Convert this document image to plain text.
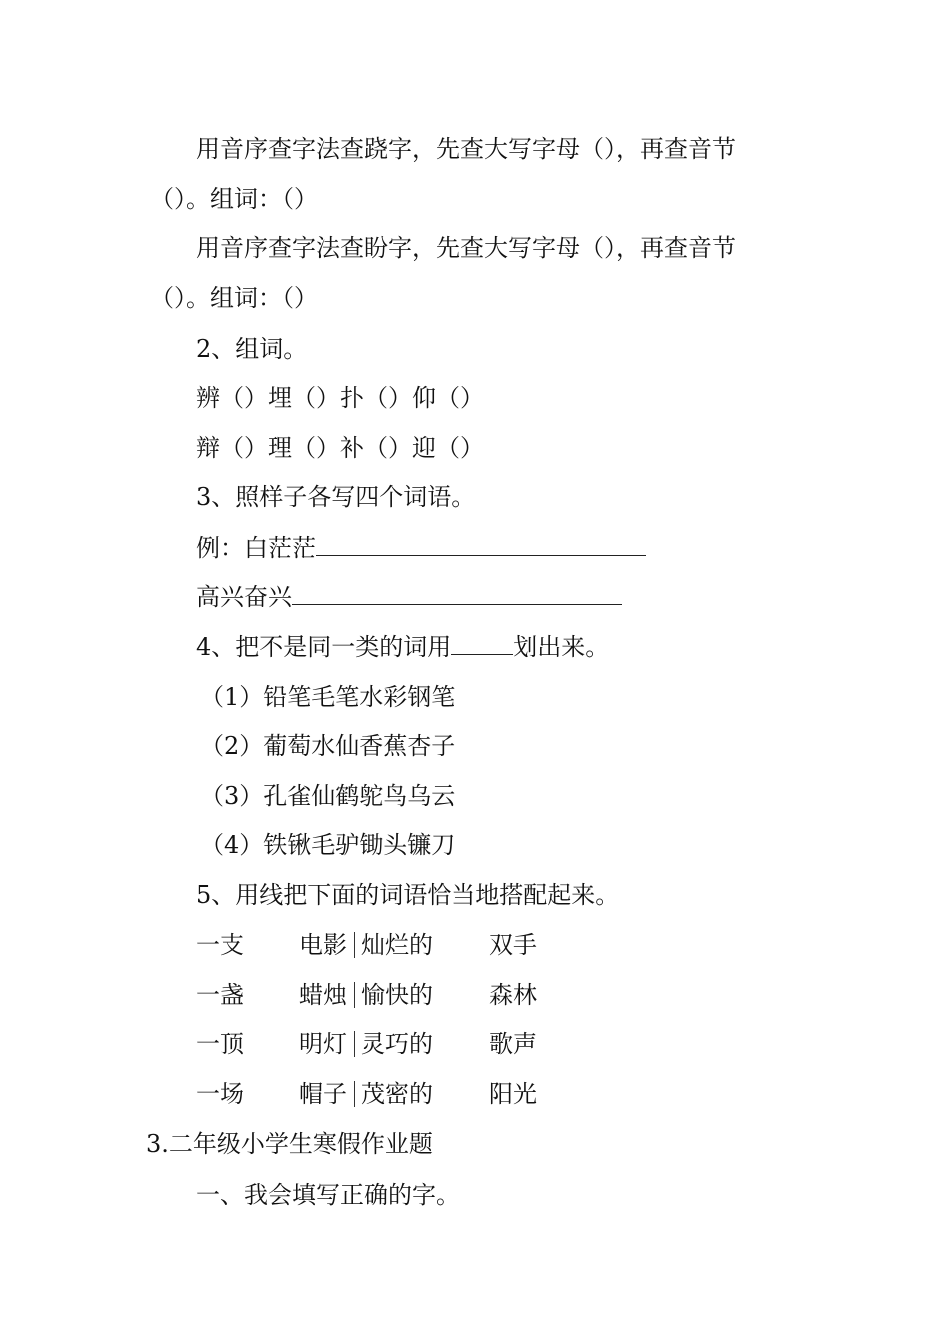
用音序查字法查跷字，先查大写字母（），再查音节
（）。组词：（）
用音序查字法查盼字，先查大写字母（），再查音节
（）。组词：（）
2、组词。
辨（）埋（）扑（）仰（）
辩（）理（）补（）迎（）
3、照样子各写四个词语。
例：白茫茫
高兴奋兴
4、把不是同一类的词用	划出来。
（1）铅笔毛笔水彩钢笔
（2）葡萄水仙香蕉杏子
（3）孔雀仙鹤鸵鸟乌云
（4）铁锹毛驴锄头镰刀
5、用线把下面的词语恰当地搭配起来。
一支 电影 灿烂的 双手
一盏 蜡烛 愉快的 森林
一顶 明灯 灵巧的 歌声
一场 帽子 茂密的 阳光
3.二年级小学生寒假作业题
一、我会填写正确的字。
